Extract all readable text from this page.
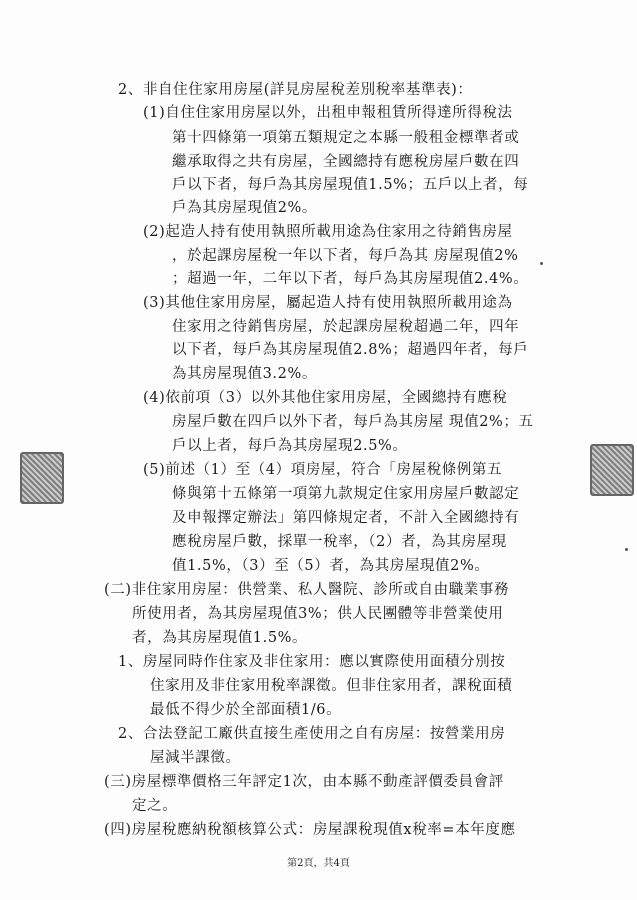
2、非自住住家用房屋(詳見房屋稅差別稅率基準表)：
(1)自住住家用房屋以外，出租申報租賃所得達所得稅法
第十四條第一項第五類規定之本縣一般租金標準者或
繼承取得之共有房屋，全國總持有應稅房屋戶數在四
戶以下者，每戶為其房屋現值1.5%；五戶以上者，每
戶為其房屋現值2%。
(2)起造人持有使用執照所載用途為住家用之待銷售房屋
，於起課房屋稅一年以下者，每戶為其 房屋現值2%
；超過一年，二年以下者，每戶為其房屋現值2.4%。
(3)其他住家用房屋，屬起造人持有使用執照所載用途為
住家用之待銷售房屋，於起課房屋稅超過二年，四年
以下者，每戶為其房屋現值2.8%；超過四年者，每戶
為其房屋現值3.2%。
(4)依前項（3）以外其他住家用房屋，全國總持有應稅
房屋戶數在四戶以外下者，每戶為其房屋 現值2%；五
戶以上者，每戶為其房屋現2.5%。
(5)前述（1）至（4）項房屋，符合「房屋稅條例第五
條與第十五條第一項第九款規定住家用房屋戶數認定
及申報擇定辦法」第四條規定者，不計入全國總持有
應稅房屋戶數，採單一稅率，（2）者，為其房屋現
值1.5%，（3）至（5）者，為其房屋現值2%。
(二)非住家用房屋：供營業、私人醫院、診所或自由職業事務
所使用者，為其房屋現值3%；供人民團體等非營業使用
者，為其房屋現值1.5%。
1、房屋同時作住家及非住家用：應以實際使用面積分別按
住家用及非住家用稅率課徵。但非住家用者，課稅面積
最低不得少於全部面積1/6。
2、合法登記工廠供直接生產使用之自有房屋：按營業用房
屋減半課徵。
(三)房屋標準價格三年評定1次，由本縣不動產評價委員會評
定之。
(四)房屋稅應納稅額核算公式：房屋課稅現值x稅率=本年度應
第2頁，共4頁
